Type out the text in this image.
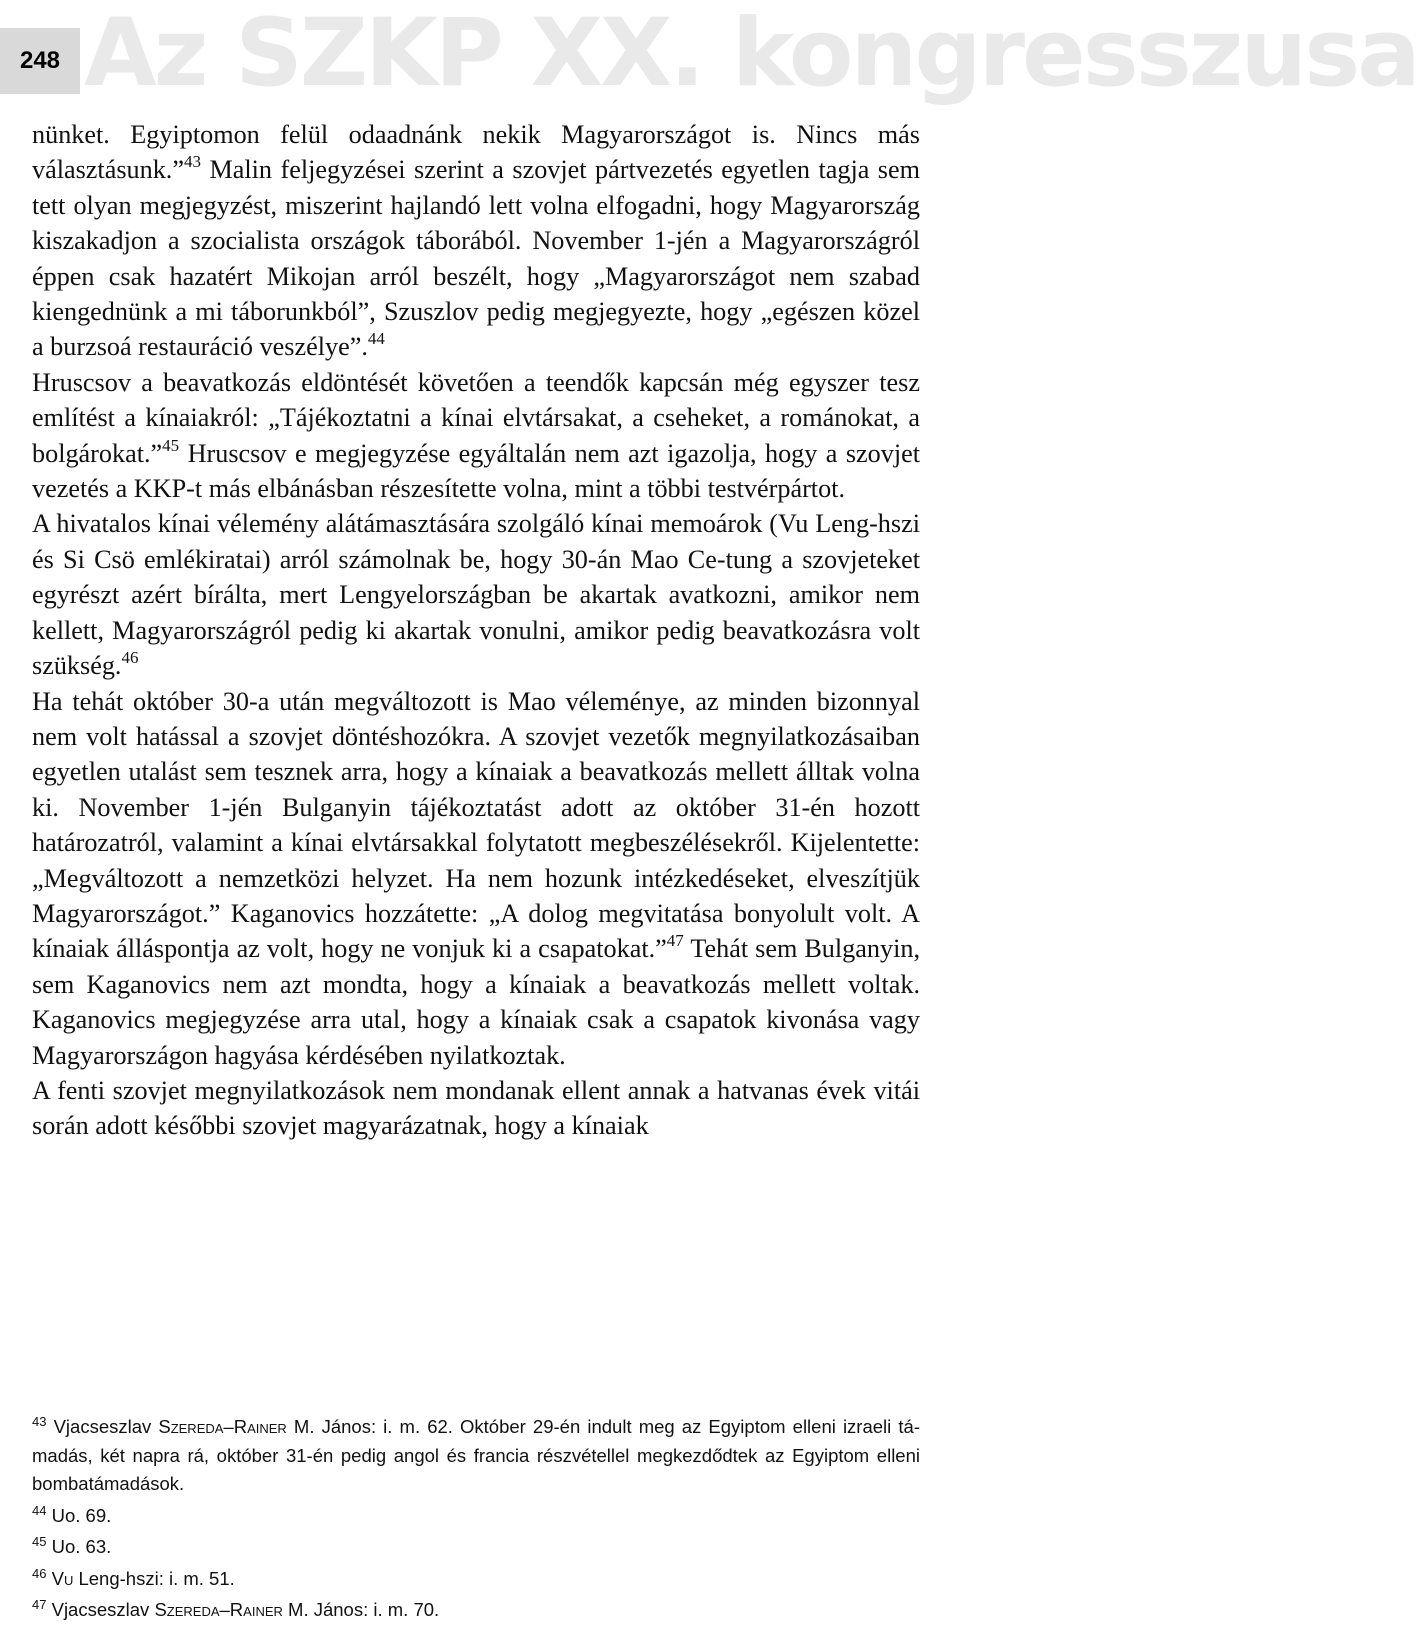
248 Az SZKP XX. kongresszusa

nünket. Egyiptomon felül odaadnánk nekik Magyarországot is. Nincs más választásunk.”$^{43}$ Malin feljegyzései szerint a szovjet pártvezetés egyetlen tagja sem tett olyan megjegyzést, miszerint hajlandó lett volna elfogadni, hogy Magyarország kiszakadjon a szocialista országok táborából. November 1-jén a Magyarországról éppen csak hazatért Mikojan arról beszélt, hogy „Magyarországot nem szabad kiengednünk a mi táborunkból”, Szuszlov pedig megjegyezte, hogy „egészen közel a burzsoá restauráció veszélye”.$^{44}$

Hruscsov a beavatkozás eldöntését követően a teendők kapcsán még egyszer tesz említést a kínaiakról: „Tájékoztatni a kínai elvtársakat, a cseheket, a románokat, a bolgárokat.”$^{45}$ Hruscsov e megjegyzése egyáltalán nem azt igazolja, hogy a szovjet vezetés a KKP-t más elbánásban részesítette volna, mint a többi testvérpártot.

A hivatalos kínai vélemény alátámasztására szolgáló kínai memoárok (Vu Leng-hszi és Si Csö emlékiratai) arról számolnak be, hogy 30-án Mao Ce-tung a szovjeteket egyrészt azért bírálta, mert Lengyelországban be akartak avatkozni, amikor nem kellett, Magyarországról pedig ki akartak vonulni, amikor pedig beavatkozásra volt szükség.$^{46}$

Ha tehát október 30-a után megváltozott is Mao véleménye, az minden bizonnyal nem volt hatással a szovjet döntéshozókra. A szovjet vezetők megnyilatkozásaiban egyetlen utalást sem tesznek arra, hogy a kínaiak a beavatkozás mellett álltak volna ki. November 1-jén Bulganyin tájékoztatást adott az október 31-én hozott határozatról, valamint a kínai elvtársakkal folytatott megbeszélésekről. Kijelentette: „Megváltozott a nemzetközi helyzet. Ha nem hozunk intézkedéseket, elveszítjük Magyarországot.” Kaganovics hozzátette: „A dolog megvitatása bonyolult volt. A kínaiak álláspontja az volt, hogy ne vonjuk ki a csapatokat.”$^{47}$ Tehát sem Bulganyin, sem Kaganovics nem azt mondta, hogy a kínaiak a beavatkozás mellett voltak. Kaganovics megjegyzése arra utal, hogy a kínaiak csak a csapatok kivonása vagy Magyarországon hagyása kérdésében nyilatkoztak.

A fenti szovjet megnyilatkozások nem mondanak ellent annak a hatvanas évek vitái során adott későbbi szovjet magyarázatnak, hogy a kínaiak

$^{43}$ Vjacseszlav Szereda–Rainer M. János: i. m. 62. Október 29-én indult meg az Egyiptom elleni izraeli támadás, két napra rá, október 31-én pedig angol és francia részvétellel megkezdődtek az Egyiptom elleni bombatámadások.

$^{44}$ Uo. 69.

$^{45}$ Uo. 63.

$^{46}$ Vu Leng-hszi: i. m. 51.

$^{47}$ Vjacseszlav Szereda–Rainer M. János: i. m. 70.
